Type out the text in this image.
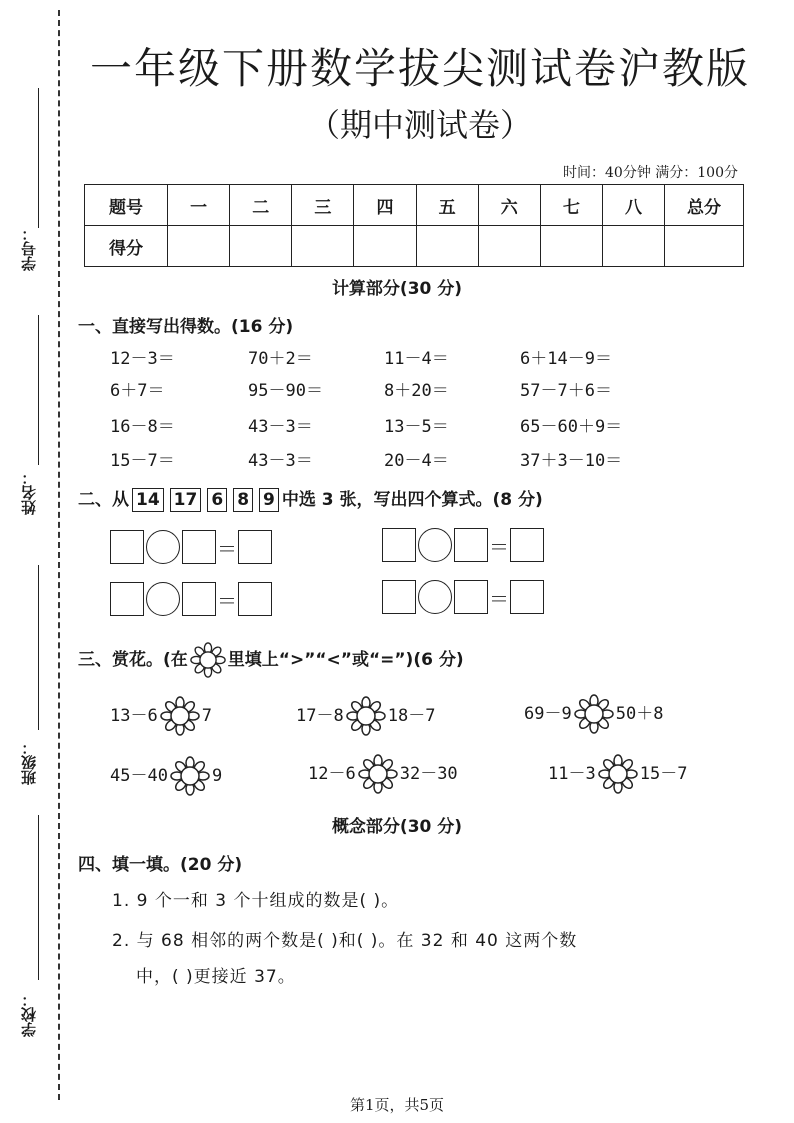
学号：
姓名：
班级：
学校：
一年级下册数学拔尖测试卷沪教版
（期中测试卷）
时间：40分钟 满分：100分
题号	一	二	三	四	五	六	七	八	总分
得分									
计算部分(30 分)
一、直接写出得数。(16 分)
12－3＝	70＋2＝	11－4＝	6＋14－9＝
6＋7＝	95－90＝	8＋20＝	57－7＋6＝
16－8＝	43－3＝	13－5＝	65－60＋9＝
15－7＝	43－3＝	20－4＝	37＋3－10＝
二、从 14 17 6 8 9 中选 3 张，写出四个算式。(8 分)
＝	＝
＝	＝
三、赏花。(在 里填上“>”“<”或“=”)(6 分)
13－6	7	17－8	18－7	69－9	50＋8
45－40	9	12－6	32－30	11－3	15－7
概念部分(30 分)
四、填一填。(20 分)
1. 9 个一和 3 个十组成的数是( )。
2. 与 68 相邻的两个数是( )和( )。在 32 和 40 这两个数
中，( )更接近 37。
第1页，共5页
